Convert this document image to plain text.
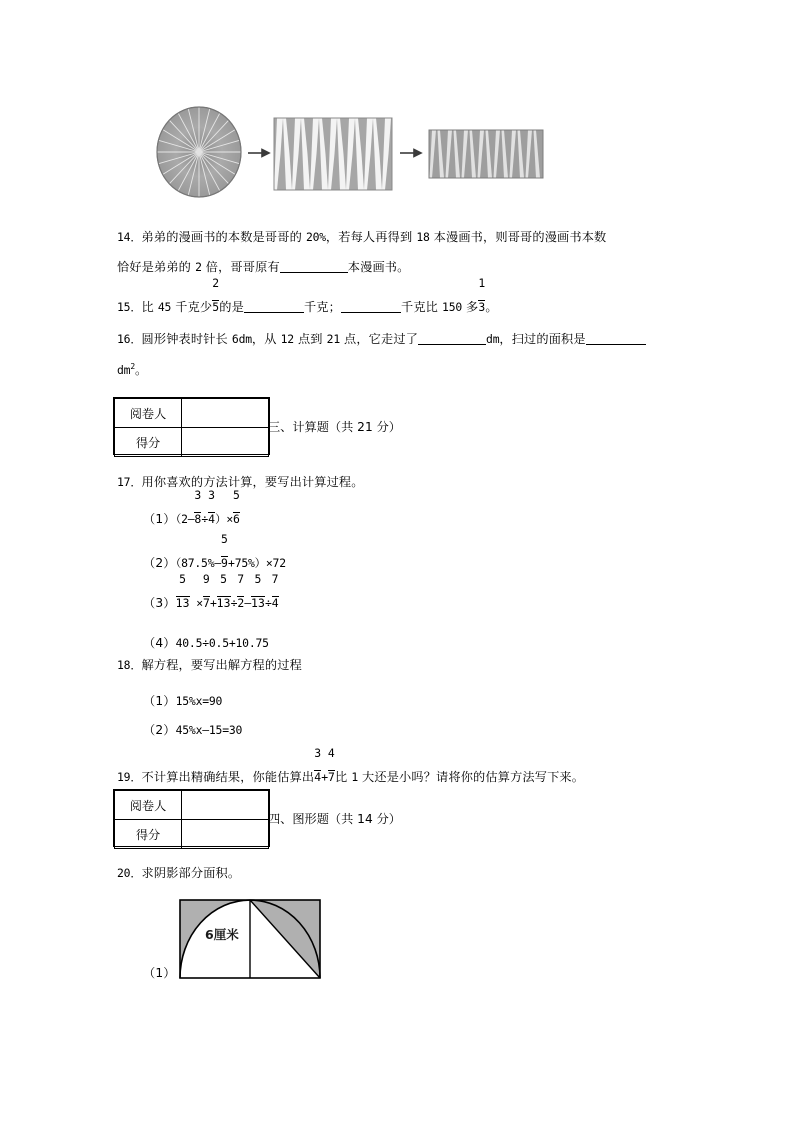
14．弟弟的漫画书的本数是哥哥的 20%，若每人再得到 18 本漫画书，则哥哥的漫画书本数
恰好是弟弟的 2 倍，哥哥原有	本漫画书。
15．比 45 千克少 $\frac{2}{5}$的是	千克；	千克比 150 多 $\frac{1}{3}$。
16．圆形钟表时针长 6dm，从 12 点到 21 点，它走过了	dm，扫过的面积是
$dm^2$。
阅卷人	
得分	
三、计算题（共 21 分）
17．用你喜欢的方法计算，要写出计算过程。
$(1)(2- \frac{3}{8}\div \frac{3}{4})\times \frac{5}{6}$
$(2)(87.5\%- \frac{5}{9}+75\%)\times 72$
$(3) \frac{5}{13} \times \frac{9}{7}+ \frac{5}{13}\div \frac{7}{2}- \frac{5}{13}\div \frac{7}{4}$
（4）40.5÷0.5+10.75
18．解方程，要写出解方程的过程
（1）15%x=90
（2）45%x–15=30
19．不计算出精确结果，你能估算出 $\frac{3}{4}+ \frac{4}{7}$比 1 大还是小吗？请将你的估算方法写下来。
阅卷人	
得分	
四、图形题（共 14 分）
20．求阴影部分面积。
（1）
6厘米
